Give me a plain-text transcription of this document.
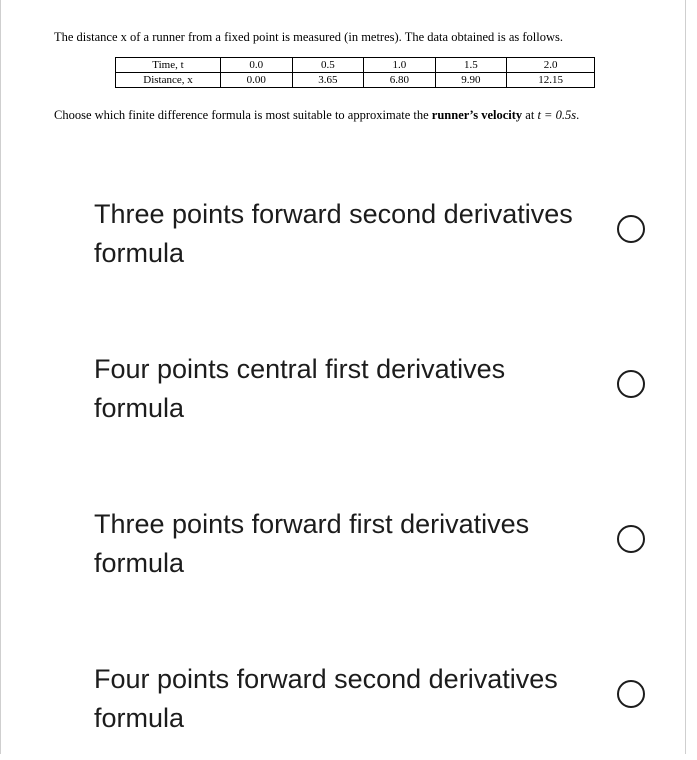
The distance x of a runner from a fixed point is measured (in metres). The data obtained is as follows.
Time, t	0.0	0.5	1.0	1.5	2.0
Distance, x	0.00	3.65	6.80	9.90	12.15
Choose which finite difference formula is most suitable to approximate the runner’s velocity at t = 0.5s.
Three points forward second derivatives formula
Four points central first derivatives formula
Three points forward first derivatives formula
Four points forward second derivatives formula
